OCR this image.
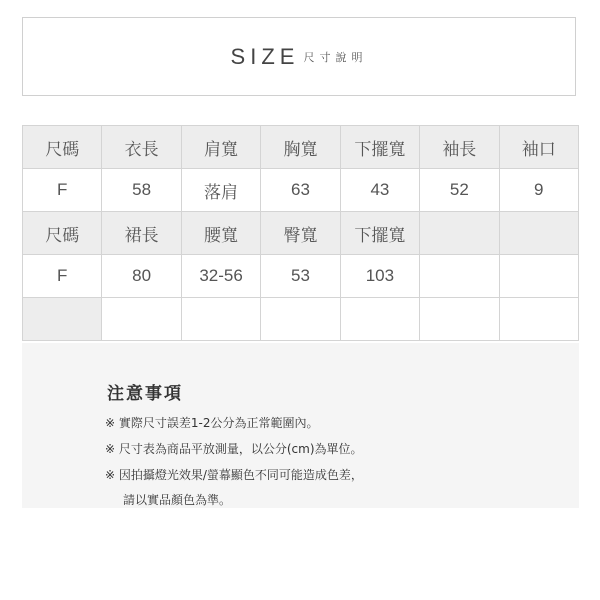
SIZE 尺寸說明
尺碼	衣長	肩寬	胸寬	下擺寬	袖長	袖口
F	58	落肩	63	43	52	9
尺碼	裙長	腰寬	臀寬	下擺寬		
F	80	32-56	53	103		

注意事項
※ 實際尺寸誤差1-2公分為正常範圍內。
※ 尺寸表為商品平放測量，以公分(cm)為單位。
※ 因拍攝燈光效果/螢幕顯色不同可能造成色差，
請以實品顏色為準。
